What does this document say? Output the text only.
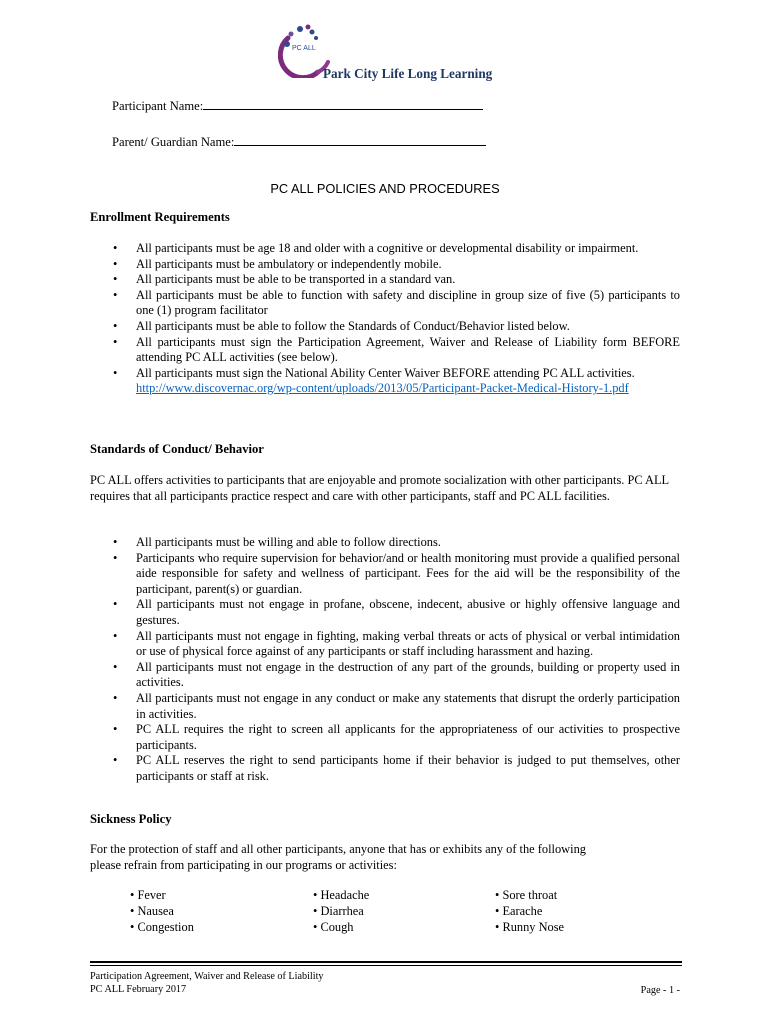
PC ALL
Park City Life Long Learning
Participant Name:
Parent/ Guardian Name:
PC ALL POLICIES AND PROCEDURES
Enrollment Requirements
• All participants must be age 18 and older with a cognitive or developmental disability or impairment.
• All participants must be ambulatory or independently mobile.
• All participants must be able to be transported in a standard van.
• All participants must be able to function with safety and discipline in group size of five (5) participants to one (1) program facilitator
• All participants must be able to follow the Standards of Conduct/Behavior listed below.
• All participants must sign the Participation Agreement, Waiver and Release of Liability form BEFORE attending PC ALL activities (see below).
• All participants must sign the National Ability Center Waiver BEFORE attending PC ALL activities.
http://www.discovernac.org/wp-content/uploads/2013/05/Participant-Packet-Medical-History-1.pdf
Standards of Conduct/ Behavior
PC ALL offers activities to participants that are enjoyable and promote socialization with other participants. PC ALL requires that all participants practice respect and care with other participants, staff and PC ALL facilities.
• All participants must be willing and able to follow directions.
• Participants who require supervision for behavior/and or health monitoring must provide a qualified personal aide responsible for safety and wellness of participant. Fees for the aid will be the responsibility of the participant, parent(s) or guardian.
• All participants must not engage in profane, obscene, indecent, abusive or highly offensive language and gestures.
• All participants must not engage in fighting, making verbal threats or acts of physical or verbal intimidation or use of physical force against of any participants or staff including harassment and hazing.
• All participants must not engage in the destruction of any part of the grounds, building or property used in activities.
• All participants must not engage in any conduct or make any statements that disrupt the orderly participation in activities.
• PC ALL requires the right to screen all applicants for the appropriateness of our activities to prospective participants.
• PC ALL reserves the right to send participants home if their behavior is judged to put themselves, other participants or staff at risk.
Sickness Policy
For the protection of staff and all other participants, anyone that has or exhibits any of the following please refrain from participating in our programs or activities:
• Fever	• Headache	• Sore throat
• Nausea	• Diarrhea	• Earache
• Congestion	• Cough	• Runny Nose
Participation Agreement, Waiver and Release of Liability
PC ALL February 2017	Page - 1 -
